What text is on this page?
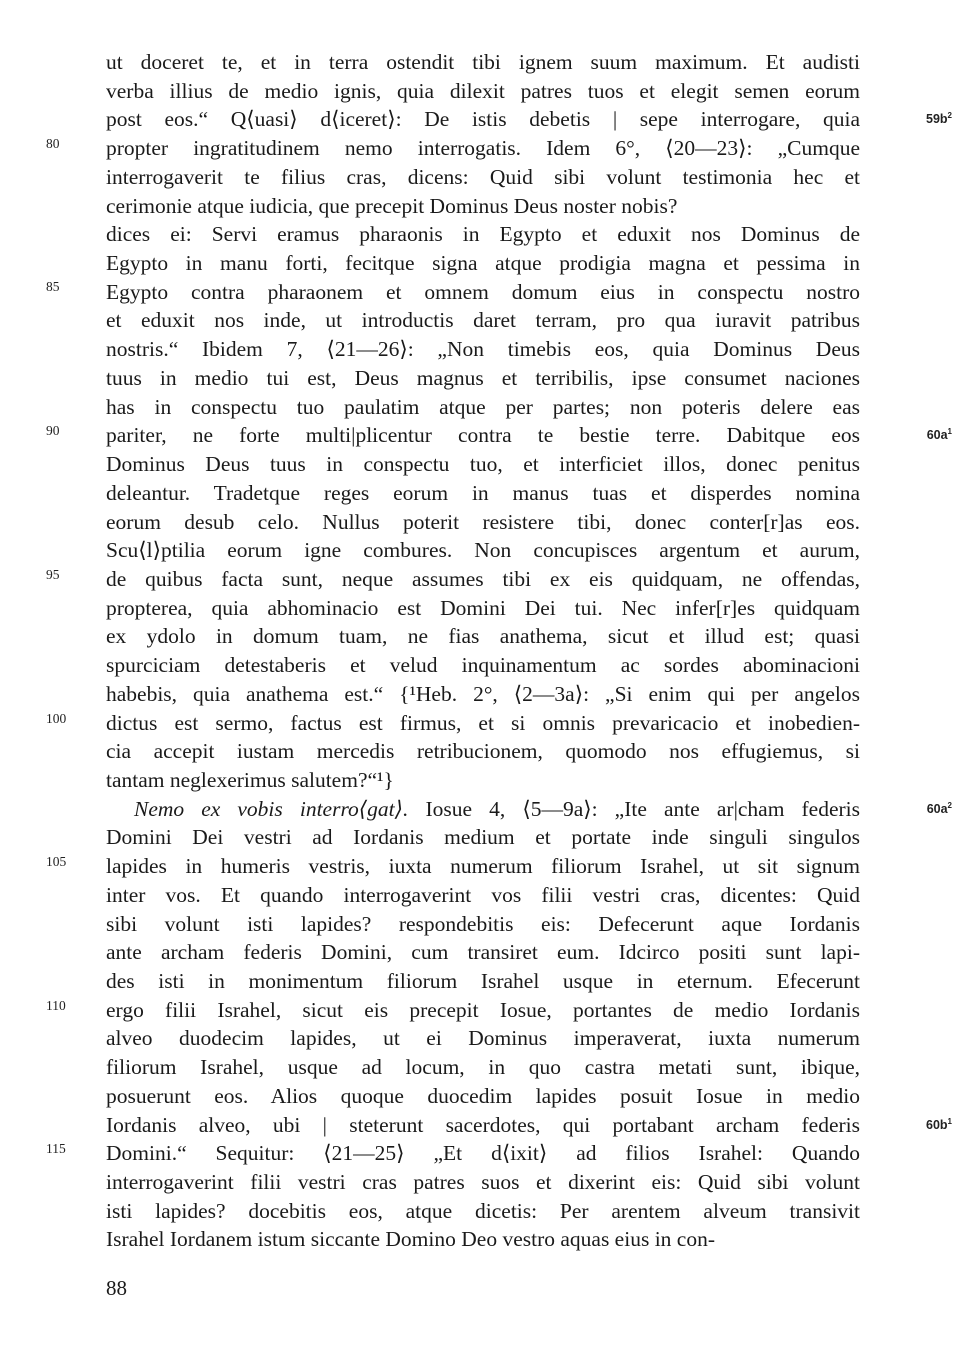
ut doceret te, et in terra ostendit tibi ignem suum maximum. Et audisti
verba illius de medio ignis, quia dilexit patres tuos et elegit semen eorum
post eos.“ Q⟨uasi⟩ d⟨iceret⟩: De istis debetis | sepe interrogare, quia
propter ingratitudinem nemo interrogatis. Idem 6°, ⟨20—23⟩: „Cumque
interrogaverit te filius cras, dicens: Quid sibi volunt testimonia hec et
cerimonie atque iudicia, que precepit Dominus Deus noster nobis?
dices ei: Servi eramus pharaonis in Egypto et eduxit nos Dominus de
Egypto in manu forti, fecitque signa atque prodigia magna et pessima in
Egypto contra pharaonem et omnem domum eius in conspectu nostro
et eduxit nos inde, ut introductis daret terram, pro qua iuravit patribus
nostris.“ Ibidem 7, ⟨21—26⟩: „Non timebis eos, quia Dominus Deus
tuus in medio tui est, Deus magnus et terribilis, ipse consumet naciones
has in conspectu tuo paulatim atque per partes; non poteris delere eas
pariter, ne forte multi|plicentur contra te bestie terre. Dabitque eos
Dominus Deus tuus in conspectu tuo, et interficiet illos, donec penitus
deleantur. Tradetque reges eorum in manus tuas et disperdes nomina
eorum desub celo. Nullus poterit resistere tibi, donec conter[r]as eos.
Scu⟨l⟩ptilia eorum igne combures. Non concupisces argentum et aurum,
de quibus facta sunt, neque assumes tibi ex eis quidquam, ne offendas,
propterea, quia abhominacio est Domini Dei tui. Nec infer[r]es quidquam
ex ydolo in domum tuam, ne fias anathema, sicut et illud est; quasi
spurciciam detestaberis et velud inquinamentum ac sordes abominacioni
habebis, quia anathema est.“ {¹Heb. 2°, ⟨2—3a⟩: „Si enim qui per angelos
dictus est sermo, factus est firmus, et si omnis prevaricacio et inobedien-
cia accepit iustam mercedis retribucionem, quomodo nos effugiemus, si
tantam neglexerimus salutem?“¹}
Nemo ex vobis interro⟨gat⟩. Iosue 4, ⟨5—9a⟩: „Ite ante ar|cham federis
Domini Dei vestri ad Iordanis medium et portate inde singuli singulos
lapides in humeris vestris, iuxta numerum filiorum Israhel, ut sit signum
inter vos. Et quando interrogaverint vos filii vestri cras, dicentes: Quid
sibi volunt isti lapides? respondebitis eis: Defecerunt aque Iordanis
ante archam federis Domini, cum transiret eum. Idcirco positi sunt lapi-
des isti in monimentum filiorum Israhel usque in eternum. Efecerunt
ergo filii Israhel, sicut eis precepit Iosue, portantes de medio Iordanis
alveo duodecim lapides, ut ei Dominus imperaverat, iuxta numerum
filiorum Israhel, usque ad locum, in quo castra metati sunt, ibique,
posuerunt eos. Alios quoque duocedim lapides posuit Iosue in medio
Iordanis alveo, ubi | steterunt sacerdotes, qui portabant archam federis
Domini.“ Sequitur: ⟨21—25⟩ „Et d⟨ixit⟩ ad filios Israhel: Quando
interrogaverint filii vestri cras patres suos et dixerint eis: Quid sibi volunt
isti lapides? docebitis eos, atque dicetis: Per arentem alveum transivit
Israhel Iordanem istum siccante Domino Deo vestro aquas eius in con-
80
85
90
95
100
105
110
115
$59b^2$
$60a^1$
$60a^2$
$60b^1$
88
